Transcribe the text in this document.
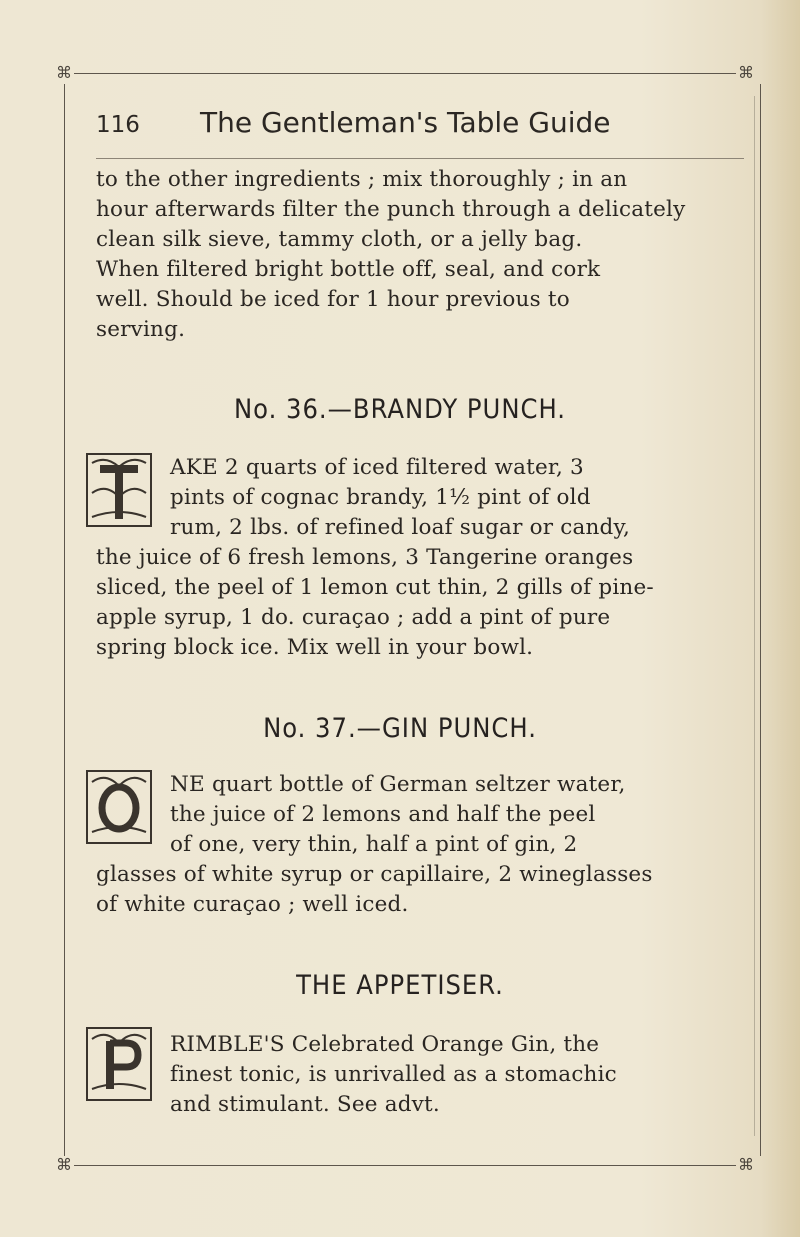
⌘	⌘
⌘	⌘
116	The Gentleman's Table Guide
to the other ingredients ; mix thoroughly ; in an
hour afterwards filter the punch through a delicately
clean silk sieve, tammy cloth, or a jelly bag.
When filtered bright bottle off, seal, and cork
well. Should be iced for 1 hour previous to
serving.
No. 36.—BRANDY PUNCH.
AKE 2 quarts of iced filtered water, 3
pints of cognac brandy, 1½ pint of old
rum, 2 lbs. of refined loaf sugar or candy,
the juice of 6 fresh lemons, 3 Tangerine oranges
sliced, the peel of 1 lemon cut thin, 2 gills of pine-
apple syrup, 1 do. curaçao ; add a pint of pure
spring block ice. Mix well in your bowl.
No. 37.—GIN PUNCH.
NE quart bottle of German seltzer water,
the juice of 2 lemons and half the peel
of one, very thin, half a pint of gin, 2
glasses of white syrup or capillaire, 2 wineglasses
of white curaçao ; well iced.
THE APPETISER.
RIMBLE'S Celebrated Orange Gin, the
finest tonic, is unrivalled as a stomachic
and stimulant. See advt.
